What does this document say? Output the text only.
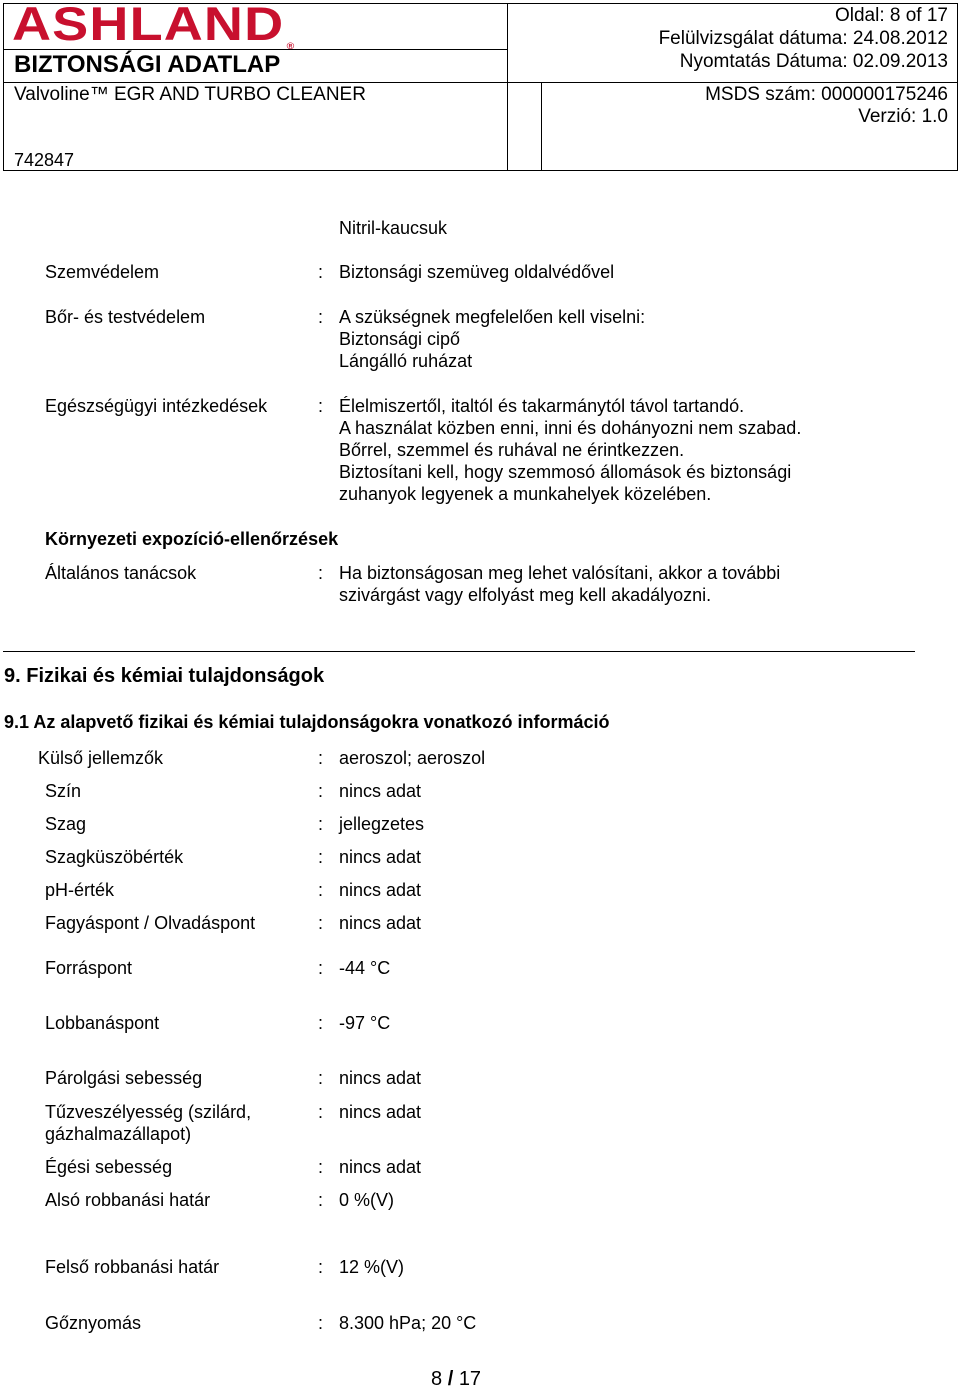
ASHLAND ®
BIZTONSÁGI ADATLAP
Valvoline™ EGR AND TURBO CLEANER
742847
Oldal: 8 of 17
Felülvizsgálat dátuma: 24.08.2012
Nyomtatás Dátuma: 02.09.2013
MSDS szám: 000000175246
Verzió: 1.0
Nitril-kaucsuk
Szemvédelem	: Biztonsági szemüveg oldalvédővel
Bőr- és testvédelem	: A szükségnek megfelelően kell viselni:
Biztonsági cipő
Lángálló ruházat
Egészségügyi intézkedések	: Élelmiszertől, italtól és takarmánytól távol tartandó.
A használat közben enni, inni és dohányozni nem szabad.
Bőrrel, szemmel és ruhával ne érintkezzen.
Biztosítani kell, hogy szemmosó állomások és biztonsági
zuhanyok legyenek a munkahelyek közelében.
Környezeti expozíció-ellenőrzések
Általános tanácsok	: Ha biztonságosan meg lehet valósítani, akkor a további
szivárgást vagy elfolyást meg kell akadályozni.
9. Fizikai és kémiai tulajdonságok
9.1 Az alapvető fizikai és kémiai tulajdonságokra vonatkozó információ
Külső jellemzők	: aeroszol; aeroszol
Szín	: nincs adat
Szag	: jellegzetes
Szagküszöbérték	: nincs adat
pH-érték	: nincs adat
Fagyáspont / Olvadáspont	: nincs adat
Forráspont	: -44 °C
Lobbanáspont	: -97 °C
Párolgási sebesség	: nincs adat
Tűzveszélyesség (szilárd,
gázhalmazállapot)
: nincs adat
Égési sebesség	: nincs adat
Alsó robbanási határ	: 0 %(V)
Felső robbanási határ	: 12 %(V)
Gőznyomás	: 8.300 hPa; 20 °C
8 / 17
